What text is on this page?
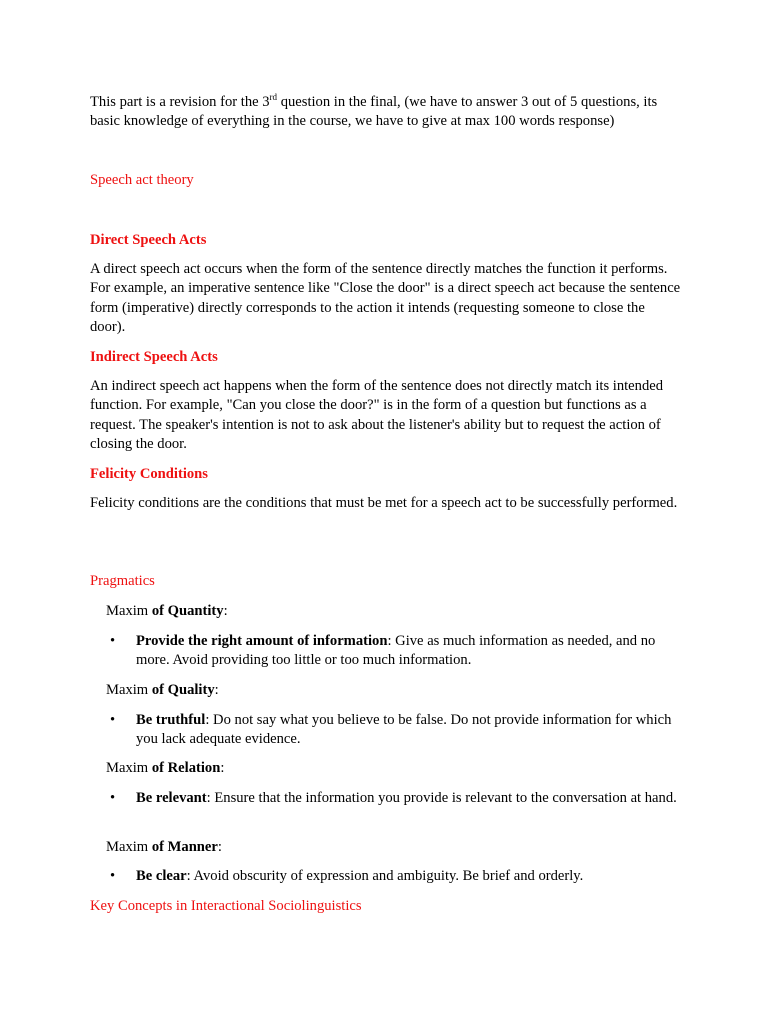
This part is a revision for the 3rd question in the final, (we have to answer 3 out of 5 questions, its basic knowledge of everything in the course, we have to give at max 100 words response)

Speech act theory

Direct Speech Acts

A direct speech act occurs when the form of the sentence directly matches the function it performs. For example, an imperative sentence like "Close the door" is a direct speech act because the sentence form (imperative) directly corresponds to the action it intends (requesting someone to close the door).

Indirect Speech Acts

An indirect speech act happens when the form of the sentence does not directly match its intended function. For example, "Can you close the door?" is in the form of a question but functions as a request. The speaker's intention is not to ask about the listener's ability but to request the action of closing the door.

Felicity Conditions

Felicity conditions are the conditions that must be met for a speech act to be successfully performed.

Pragmatics

Maxim of Quantity:

• Provide the right amount of information: Give as much information as needed, and no more. Avoid providing too little or too much information.

Maxim of Quality:

• Be truthful: Do not say what you believe to be false. Do not provide information for which you lack adequate evidence.

Maxim of Relation:

• Be relevant: Ensure that the information you provide is relevant to the conversation at hand.

Maxim of Manner:

• Be clear: Avoid obscurity of expression and ambiguity. Be brief and orderly.

Key Concepts in Interactional Sociolinguistics
